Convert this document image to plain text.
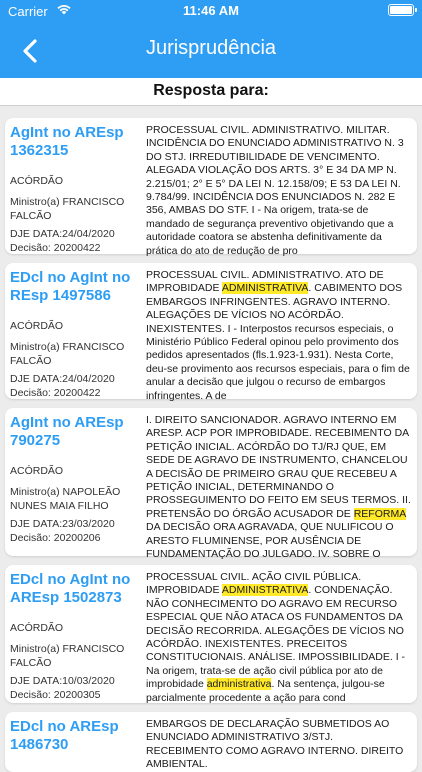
Carrier	11:46 AM
Jurisprudência
Resposta para:
AgInt no AREsp 1362315
ACÓRDÃO
Ministro(a) FRANCISCO FALCÃO
DJE DATA:24/04/2020
Decisão: 20200422
PROCESSUAL CIVIL. ADMINISTRATIVO. MILITAR. INCIDÊNCIA DO ENUNCIADO ADMINISTRATIVO N. 3 DO STJ. IRREDUTIBILIDADE DE VENCIMENTO. ALEGADA VIOLAÇÃO DOS ARTS. 3° E 34 DA MP N. 2.215/01; 2° E 5° DA LEI N. 12.158/09; E 53 DA LEI N. 9.784/99. INCIDÊNCIA DOS ENUNCIADOS N. 282 E 356, AMBAS DO STF. I - Na origem, trata-se de mandado de segurança preventivo objetivando que a autoridade coatora se abstenha definitivamente da prática do ato de redução de pro
EDcl no AgInt no REsp 1497586
ACÓRDÃO
Ministro(a) FRANCISCO FALCÃO
DJE DATA:24/04/2020
Decisão: 20200422
PROCESSUAL CIVIL. ADMINISTRATIVO. ATO DE IMPROBIDADE ADMINISTRATIVA. CABIMENTO DOS EMBARGOS INFRINGENTES. AGRAVO INTERNO. ALEGAÇÕES DE VÍCIOS NO ACÓRDÃO. INEXISTENTES. I - Interpostos recursos especiais, o Ministério Público Federal opinou pelo provimento dos pedidos apresentados (fls.1.923-1.931). Nesta Corte, deu-se provimento aos recursos especiais, para o fim de anular a decisão que julgou o recurso de embargos infringentes. A de
AgInt no AREsp 790275
ACÓRDÃO
Ministro(a) NAPOLEÃO NUNES MAIA FILHO
DJE DATA:23/03/2020
Decisão: 20200206
I. DIREITO SANCIONADOR. AGRAVO INTERNO EM ARESP. ACP POR IMPROBIDADE. RECEBIMENTO DA PETIÇÃO INICIAL. ACÓRDÃO DO TJ/RJ QUE, EM SEDE DE AGRAVO DE INSTRUMENTO, CHANCELOU A DECISÃO DE PRIMEIRO GRAU QUE RECEBEU A PETIÇÃO INICIAL, DETERMINANDO O PROSSEGUIMENTO DO FEITO EM SEUS TERMOS. II. PRETENSÃO DO ÓRGÃO ACUSADOR DE REFORMA DA DECISÃO ORA AGRAVADA, QUE NULIFICOU O ARESTO FLUMINENSE, POR AUSÊNCIA DE FUNDAMENTAÇÃO DO JULGADO. IV. SOBRE O
EDcl no AgInt no AREsp 1502873
ACÓRDÃO
Ministro(a) FRANCISCO FALCÃO
DJE DATA:10/03/2020
Decisão: 20200305
PROCESSUAL CIVIL. AÇÃO CIVIL PÚBLICA. IMPROBIDADE ADMINISTRATIVA. CONDENAÇÃO. NÃO CONHECIMENTO DO AGRAVO EM RECURSO ESPECIAL QUE NÃO ATACA OS FUNDAMENTOS DA DECISÃO RECORRIDA. ALEGAÇÕES DE VÍCIOS NO ACÓRDÃO. INEXISTENTES. PRECEITOS CONSTITUCIONAIS. ANÁLISE. IMPOSSIBILIDADE. I - Na origem, trata-se de ação civil pública por ato de improbidade administrativa. Na sentença, julgou-se parcialmente procedente a ação para cond
EDcl no AREsp 1486730
EMBARGOS DE DECLARAÇÃO SUBMETIDOS AO ENUNCIADO ADMINISTRATIVO 3/STJ. RECEBIMENTO COMO AGRAVO INTERNO. DIREITO AMBIENTAL.
